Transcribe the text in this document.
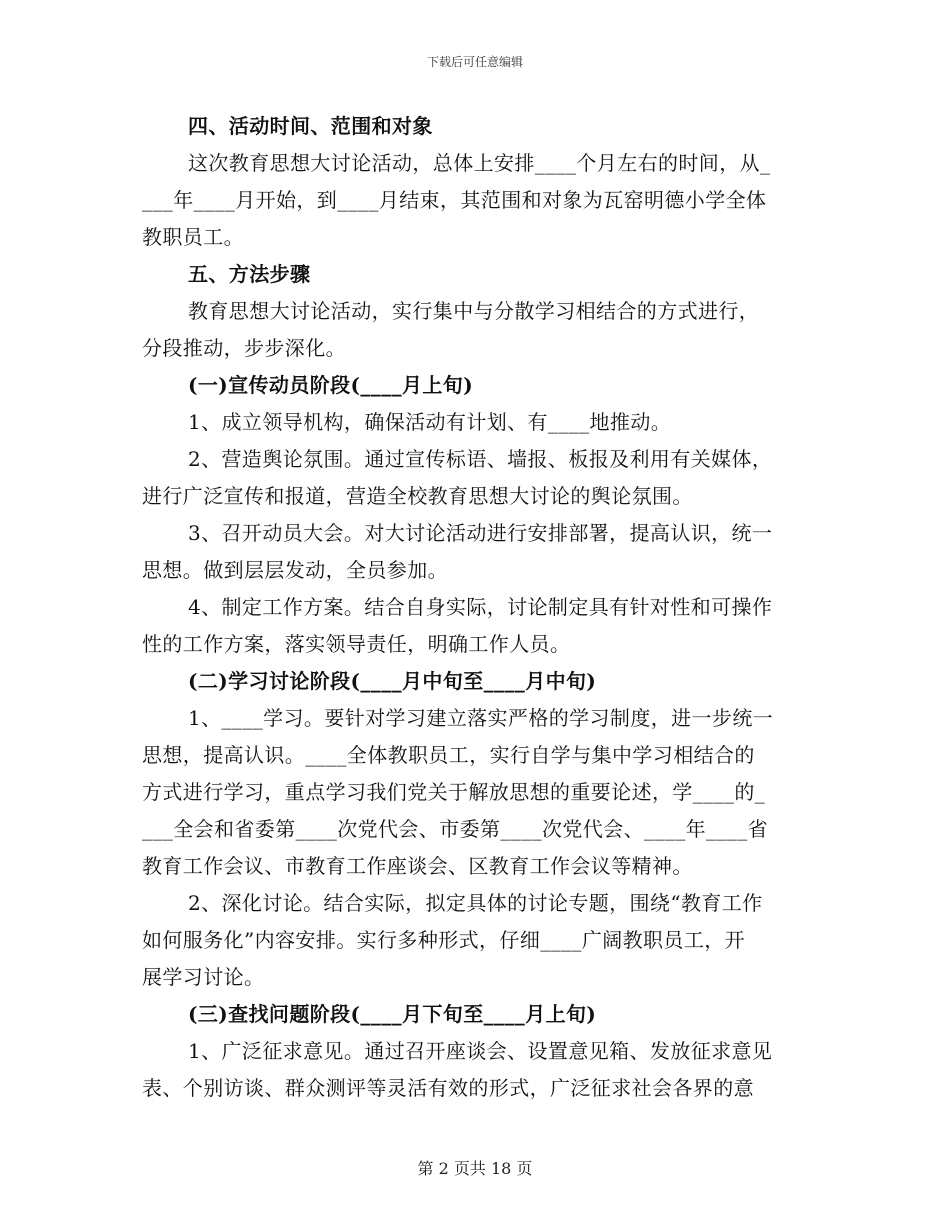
下载后可任意编辑
四、活动时间、范围和对象
这次教育思想大讨论活动，总体上安排____个月左右的时间，从_
___年____月开始，到____月结束，其范围和对象为瓦窑明德小学全体
教职员工。
五、方法步骤
教育思想大讨论活动，实行集中与分散学习相结合的方式进行，
分段推动，步步深化。
(一)宣传动员阶段(____月上旬)
1、成立领导机构，确保活动有计划、有____地推动。
2、营造舆论氛围。通过宣传标语、墙报、板报及利用有关媒体，
进行广泛宣传和报道，营造全校教育思想大讨论的舆论氛围。
3、召开动员大会。对大讨论活动进行安排部署，提高认识，统一
思想。做到层层发动，全员参加。
4、制定工作方案。结合自身实际，讨论制定具有针对性和可操作
性的工作方案，落实领导责任，明确工作人员。
(二)学习讨论阶段(____月中旬至____月中旬)
1、____学习。要针对学习建立落实严格的学习制度，进一步统一
思想，提高认识。____全体教职员工，实行自学与集中学习相结合的
方式进行学习，重点学习我们党关于解放思想的重要论述，学____的_
___全会和省委第____次党代会、市委第____次党代会、____年____省
教育工作会议、市教育工作座谈会、区教育工作会议等精神。
2、深化讨论。结合实际，拟定具体的讨论专题，围绕“教育工作
如何服务化”内容安排。实行多种形式，仔细____广阔教职员工，开
展学习讨论。
(三)查找问题阶段(____月下旬至____月上旬)
1、广泛征求意见。通过召开座谈会、设置意见箱、发放征求意见
表、个别访谈、群众测评等灵活有效的形式，广泛征求社会各界的意
第 2 页共 18 页
